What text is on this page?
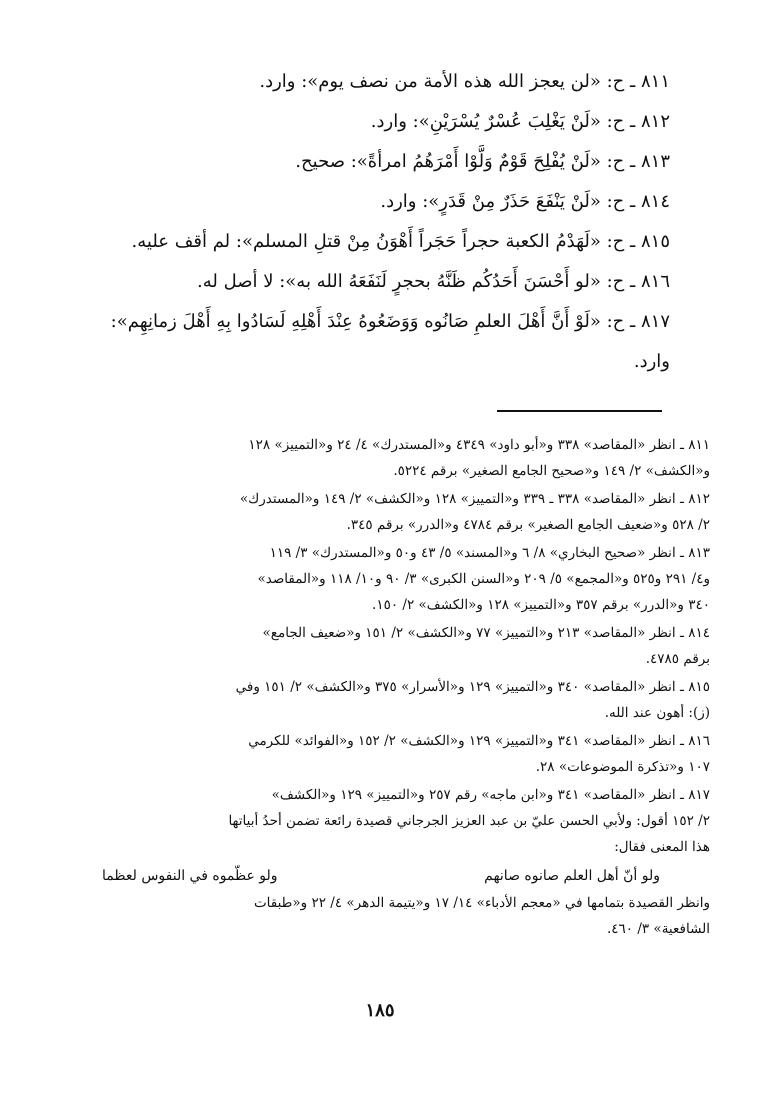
٨١١ ـ ح: «لن يعجز الله هذه الأمة من نصف يوم»: وارد.
٨١٢ ـ ح: «لَنْ يَغْلِبَ عُسْرٌ يُسْرَيْنِ»: وارد.
٨١٣ ـ ح: «لَنْ يُفْلِحَ قَوْمٌ وَلَّوْا أَمْرَهُمُ امرأةً»: صحيح.
٨١٤ ـ ح: «لَنْ يَنْفَعَ حَذَرٌ مِنْ قَدَرٍ»: وارد.
٨١٥ ـ ح: «لَهَدْمُ الكعبة حجراً حَجَراً أَهْوَنُ مِنْ قتلِ المسلم»: لم أقف عليه.
٨١٦ ـ ح: «لو أَحْسَنَ أَحَدُكُم ظَنَّهُ بحجرٍ لَنَفَعَهُ الله به»: لا أصل له.
٨١٧ ـ ح: «لَوْ أَنَّ أَهْلَ العلمِ صَانُوه وَوَضَعُوهُ عِنْدَ أَهْلِهِ لَسَادُوا بِهِ أَهْلَ زمانِهِم»:
وارد.
٨١١ ـ انظر «المقاصد» ٣٣٨ و«أبو داود» ٤٣٤٩ و«المستدرك» ٤/ ٢٤ و«التمييز» ١٢٨
و«الكشف» ٢/ ١٤٩ و«صحيح الجامع الصغير» برقم ٥٢٢٤.
٨١٢ ـ انظر «المقاصد» ٣٣٨ ـ ٣٣٩ و«التمييز» ١٢٨ و«الكشف» ٢/ ١٤٩ و«المستدرك»
٢/ ٥٢٨ و«ضعيف الجامع الصغير» برقم ٤٧٨٤ و«الدرر» برقم ٣٤٥.
٨١٣ ـ انظر «صحيح البخاري» ٨/ ٦ و«المسند» ٥/ ٤٣ و٥٠ و«المستدرك» ٣/ ١١٩
و٤/ ٢٩١ و٥٢٥ و«المجمع» ٥/ ٢٠٩ و«السنن الكبرى» ٣/ ٩٠ و١٠/ ١١٨ و«المقاصد»
٣٤٠ و«الدرر» برقم ٣٥٧ و«التمييز» ١٢٨ و«الكشف» ٢/ ١٥٠.
٨١٤ ـ انظر «المقاصد» ٢١٣ و«التمييز» ٧٧ و«الكشف» ٢/ ١٥١ و«ضعيف الجامع»
برقم ٤٧٨٥.
٨١٥ ـ انظر «المقاصد» ٣٤٠ و«التمييز» ١٢٩ و«الأسرار» ٣٧٥ و«الكشف» ٢/ ١٥١ وفي
(ز): أهون عند الله.
٨١٦ ـ انظر «المقاصد» ٣٤١ و«التمييز» ١٢٩ و«الكشف» ٢/ ١٥٢ و«الفوائد» للكرمي
١٠٧ و«تذكرة الموضوعات» ٢٨.
٨١٧ ـ انظر «المقاصد» ٣٤١ و«ابن ماجه» رقم ٢٥٧ و«التمييز» ١٢٩ و«الكشف»
٢/ ١٥٢ أقول: ولأبي الحسن عليّ بن عبد العزيز الجرجاني قصيدة رائعة تضمن أحدُ أبياتها
هذا المعنى فقال:
ولو أنّ أهل العلم صانوه صانهم
ولو عظّموه في النفوس لعظما
وانظر القصيدة بتمامها في «معجم الأدباء» ١٤/ ١٧ و«يتيمة الدهر» ٤/ ٢٢ و«طبقات
الشافعية» ٣/ ٤٦٠.
١٨٥
